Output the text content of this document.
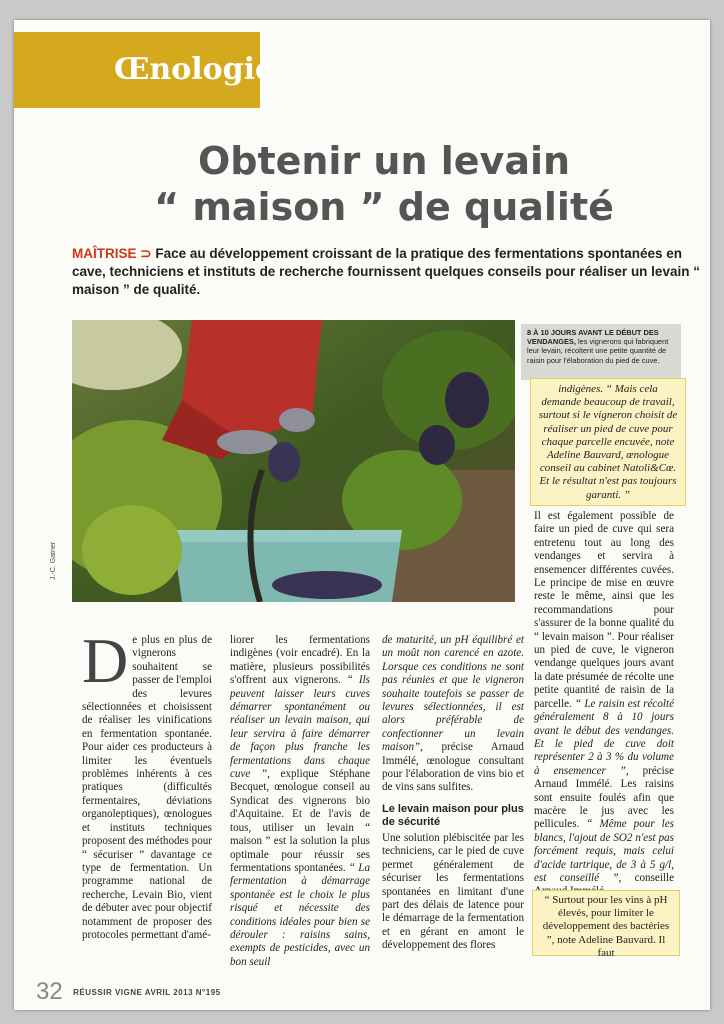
Œnologie
Obtenir un levain
“ maison ” de qualité
MAÎTRISE ⊃ Face au développement croissant de la pratique des fermentations spontanées en cave, techniciens et instituts de recherche fournissent quelques conseils pour réaliser un levain “ maison ” de qualité.
J.-C. Gatner
8 À 10 JOURS AVANT LE DÉBUT DES VENDANGES, les vignerons qui fabriquent leur levain, récoltent une petite quantité de raisin pour l'élaboration du pied de cuve.
D e plus en plus de vignerons souhaitent se passer de l'emploi des levures sélectionnées et choisissent de réaliser les vinifications en fermentation spontanée. Pour aider ces producteurs à limiter les éventuels problèmes inhérents à ces pratiques (difficultés fermentaires, déviations organoleptiques), œnologues et instituts techniques proposent des méthodes pour “ sécuriser ” davantage ce type de fermentation. Un programme national de recherche, Levain Bio, vient de débuter avec pour objectif notamment de proposer des protocoles permettant d'amé-
liorer les fermentations indigènes (voir encadré). En la matière, plusieurs possibilités s'offrent aux vignerons. “ Ils peuvent laisser leurs cuves démarrer spontanément ou réaliser un levain maison, qui leur servira à faire démarrer de façon plus franche les fermentations dans chaque cuve ”, explique Stéphane Becquet, œnologue conseil au Syndicat des vignerons bio d'Aquitaine. Et de l'avis de tous, utiliser un levain “ maison ” est la solution la plus optimale pour réussir ses fermentations spontanées. “ La fermentation à démarrage spontanée est le choix le plus risqué et nécessite des conditions idéales pour bien se dérouler : raisins sains, exempts de pesticides, avec un bon seuil
de maturité, un pH équilibré et un moût non carencé en azote. Lorsque ces conditions ne sont pas réunies et que le vigneron souhaite toutefois se passer de levures sélectionnées, il est alors préférable de confectionner un levain maison”, précise Arnaud Immélé, œnologue consultant pour l'élaboration de vins bio et de vins sans sulfites.
Le levain maison pour plus de sécurité
Une solution plébiscitée par les techniciens, car le pied de cuve permet généralement de sécuriser les fermentations spontanées en limitant d'une part des délais de latence pour le démarrage de la fermentation et en gérant en amont le développement des flores
indigènes. “ Mais cela demande beaucoup de travail, surtout si le vigneron choisit de réaliser un pied de cuve pour chaque parcelle encuvée, note Adeline Bauvard, œnologue conseil au cabinet Natoli&Cœ. Et le résultat n'est pas toujours garanti. ”
Il est également possible de faire un pied de cuve qui sera entretenu tout au long des vendanges et servira à ensemencer différentes cuvées. Le principe de mise en œuvre reste le même, ainsi que les recommandations pour s'assurer de la bonne qualité du “ levain maison ”. Pour réaliser un pied de cuve, le vigneron vendange quelques jours avant la date présumée de récolte une petite quantité de raisin de la parcelle. “ Le raisin est récolté généralement 8 à 10 jours avant le début des vendanges. Et le pied de cuve doit représenter 2 à 3 % du volume à ensemencer ”, précise Arnaud Immélé. Les raisins sont ensuite foulés afin que macère le jus avec les pellicules. “ Même pour les blancs, l'ajout de SO2 n'est pas forcément requis, mais celui d'acide tartrique, de 3 à 5 g/l, est conseillé ”, conseille
“ Surtout pour les vins à pH élevés, pour limiter le développement des bactéries ”, note Adeline Bauvard. Il faut
32 RÉUSSIR VIGNE AVRIL 2013 N°195
